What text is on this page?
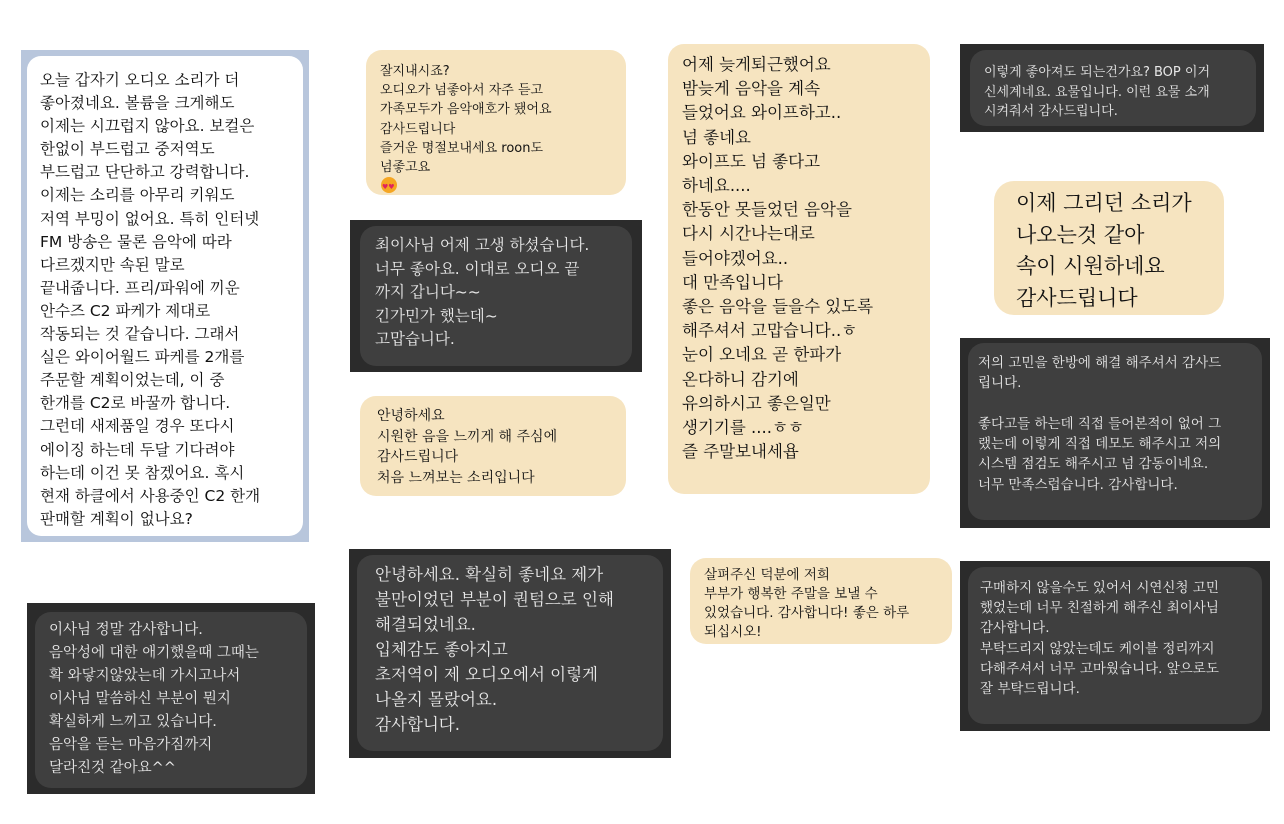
오늘 갑자기 오디오 소리가 더
좋아졌네요. 볼륨을 크게해도
이제는 시끄럽지 않아요. 보컬은
한없이 부드럽고 중저역도
부드럽고 단단하고 강력합니다.
이제는 소리를 아무리 키워도
저역 부밍이 없어요. 특히 인터넷
FM 방송은 물론 음악에 따라
다르겠지만 속된 말로
끝내줍니다. 프리/파워에 끼운
안수즈 C2 파케가 제대로
작동되는 것 같습니다. 그래서
실은 와이어월드 파케를 2개를
주문할 계획이었는데, 이 중
한개를 C2로 바꿀까 합니다.
그런데 새제품일 경우 또다시
에이징 하는데 두달 기다려야
하는데 이건 못 참겠어요. 혹시
현재 하클에서 사용중인 C2 한개
판매할 계획이 없나요?
잘지내시죠?
오디오가 넘좋아서 자주 듣고
가족모두가 음악애호가 됐어요
감사드립니다
즐거운 명절보내세요 roon도
넘좋고요
♥♥
최이사님 어제 고생 하셨습니다.
너무 좋아요. 이대로 오디오 끝
까지 갑니다~~
긴가민가 했는데~
고맙습니다.
안녕하세요
시원한 음을 느끼게 해 주심에
감사드립니다
처음 느껴보는 소리입니다
어제 늦게퇴근했어요
밤늦게 음악을 계속
들었어요 와이프하고..
넘 좋네요
와이프도 넘 좋다고
하네요....
한동안 못들었던 음악을
다시 시간나는대로
들어야겠어요..
대 만족입니다
좋은 음악을 들을수 있도록
해주셔서 고맙습니다..ㅎ
눈이 오네요 곧 한파가
온다하니 감기에
유의하시고 좋은일만
생기기를 ....ㅎㅎ
즐 주말보내세욥
이렇게 좋아져도 되는건가요? BOP 이거
신세계네요. 요물입니다. 이런 요물 소개
시켜줘서 감사드립니다.
이제 그리던 소리가
나오는것 같아
속이 시원하네요
감사드립니다
저의 고민을 한방에 해결 해주셔서 감사드
립니다.

좋다고들 하는데 직접 들어본적이 없어 그
랬는데 이렇게 직접 데모도 해주시고 저의
시스템 점검도 해주시고 넘 감동이네요.
너무 만족스럽습니다. 감사합니다.
이사님 정말 감사합니다.
음악성에 대한 애기했을때 그때는
확 와닿지않았는데 가시고나서
이사님 말씀하신 부분이 뭔지
확실하게 느끼고 있습니다.
음악을 듣는 마음가짐까지
달라진것 같아요^^
안녕하세요. 확실히 좋네요 제가
불만이었던 부분이 퀀텀으로 인해
해결되었네요.
입체감도 좋아지고
초저역이 제 오디오에서 이렇게
나올지 몰랐어요.
감사합니다.
살펴주신 덕분에 저희
부부가 행복한 주말을 보낼 수
있었습니다. 감사합니다! 좋은 하루
되십시오!
구매하지 않을수도 있어서 시연신청 고민
했었는데 너무 친절하게 해주신 최이사님
감사합니다.
부탁드리지 않았는데도 케이블 정리까지
다해주셔서 너무 고마웠습니다. 앞으로도
잘 부탁드립니다.
